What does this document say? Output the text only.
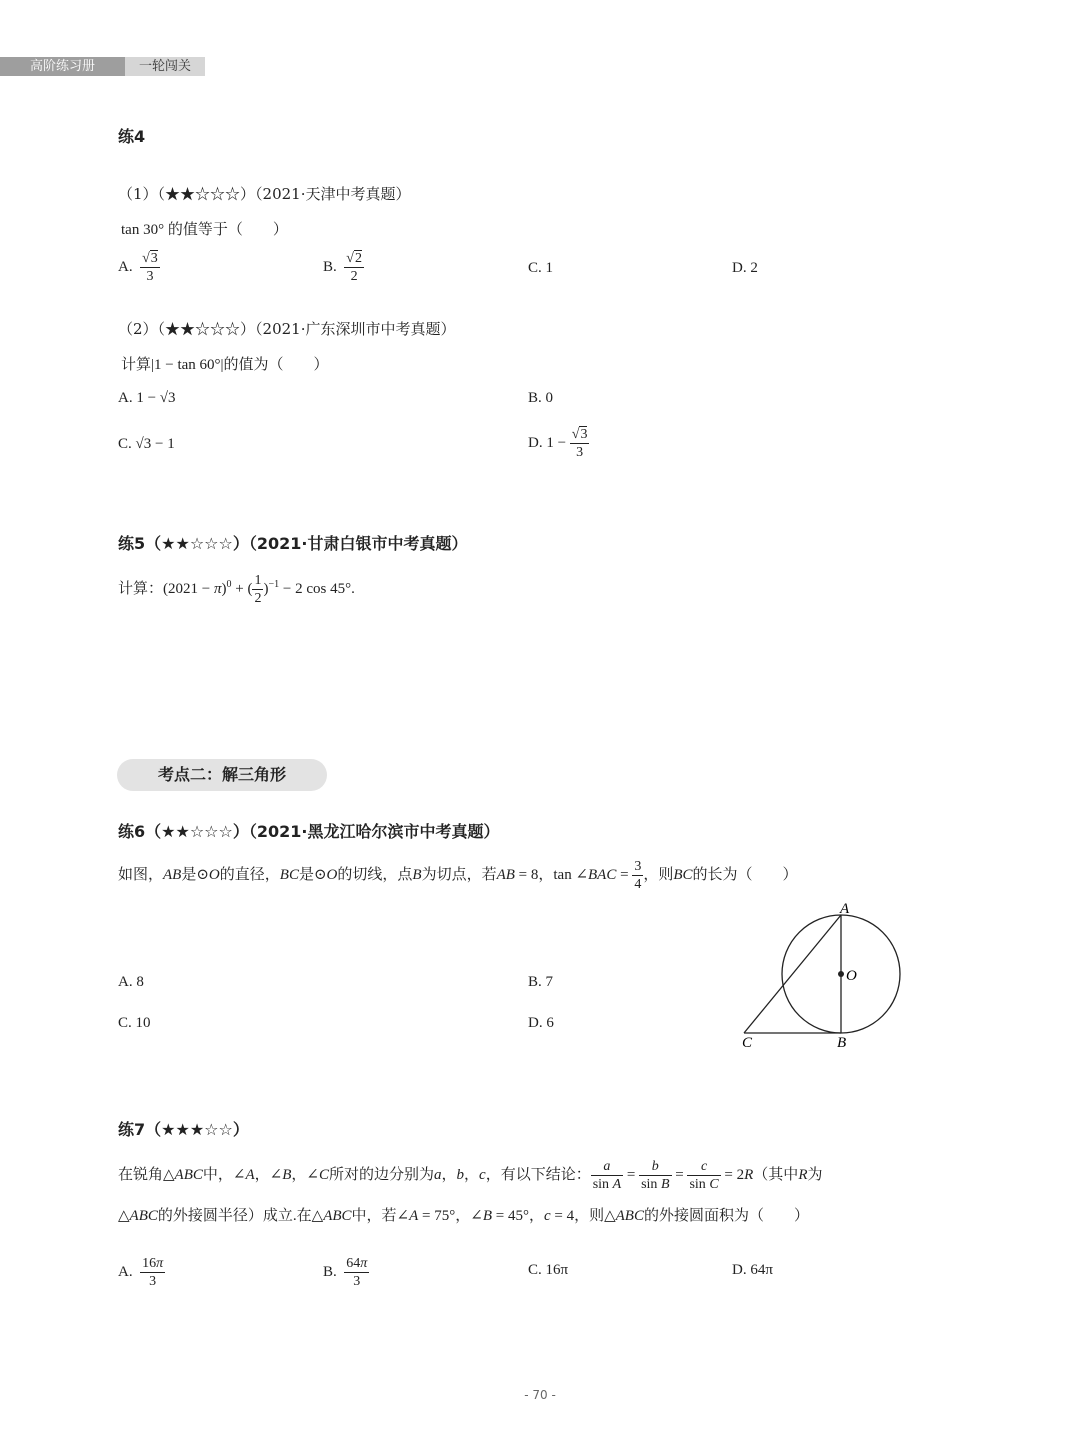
高阶练习册	一轮闯关
练4
（1）（★★☆☆☆）（2021·天津中考真题）
tan 30° 的值等于（　　）
A. $\frac{√3}{3}$	B. $\frac{√2}{2}$	C. 1	D. 2
（2）（★★☆☆☆）（2021·广东深圳市中考真题）
计算|1 − tan 60°|的值为（　　）
A. 1 − √3	B. 0
C. √3 − 1	D. $1 - \frac{√3}{3}$
练5（★★☆☆☆）（2021·甘肃白银市中考真题）
计算：$(2021 - \pi)^0$ + ( $\frac{1}{2} )^{-1} - 2$ cos 45°.
考点二：解三角形
练6（★★☆☆☆）（2021·黑龙江哈尔滨市中考真题）
如图，AB是⊙O的直径，BC是⊙O的切线，点B为切点，若AB = 8，tan ∠BAC = $\frac{3}{4}$ ，则BC的长为（　　）
A. 8	B. 7
C. 10	D. 6
A
O
B
C
练7（★★★☆☆）
在锐角△ABC中，∠A，∠B，∠C所对的边分别为a，b，c，有以下结论： $\frac{a}{\text{sin A}} = \frac{b}{\text{sin B}} = \frac{c}{\text{sin C}} = 2R$（其中R为
△ABC的外接圆半径）成立.在△ABC中，若∠A = 75°，∠B = 45°，c = 4，则△ABC的外接圆面积为（　　）
A. $\frac{16\pi}{3}$	B. $\frac{64\pi}{3}$	C. 16π	D. 64π
- 70 -
